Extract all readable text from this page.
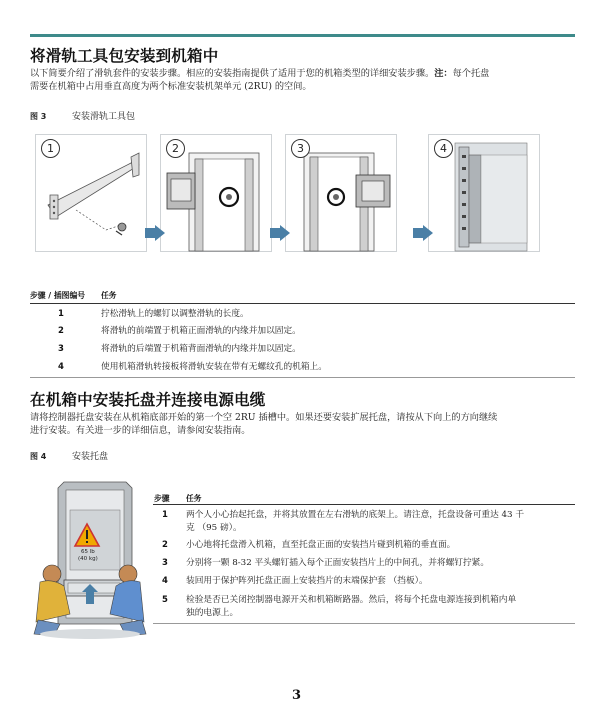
将滑轨工具包安装到机箱中
以下简要介绍了滑轨套件的安装步骤。相应的安装指南提供了适用于您的机箱类型的详细安装步骤。注：每个托盘
需要在机箱中占用垂直高度为两个标准安装机架单元 (2RU) 的空间。
图 3	安装滑轨工具包
1	2	3	4
步骤 / 插图编号 任务
1	拧松滑轨上的螺钉以调整滑轨的长度。
2	将滑轨的前端置于机箱正面滑轨的内缘并加以固定。
3	将滑轨的后端置于机箱背面滑轨的内缘并加以固定。
4	使用机箱滑轨转接板将滑轨安装在带有无螺纹孔的机箱上。
在机箱中安装托盘并连接电源电缆
请将控制器托盘安装在从机箱底部开始的第一个空 2RU 插槽中。如果还要安装扩展托盘，请按从下向上的方向继续
进行安装。有关进一步的详细信息，请参阅安装指南。
图 4	安装托盘
65 lb
(40 kg)
步骤 任务
1	两个人小心抬起托盘，并将其放置在左右滑轨的底架上。请注意，托盘设备可重达 43 千
克 （95 磅）。
2	小心地将托盘滑入机箱，直至托盘正面的安装挡片碰到机箱的垂直面。
3	分别将一颗 8-32 平头螺钉插入每个正面安装挡片上的中间孔，并将螺钉拧紧。
4	装回用于保护阵列托盘正面上安装挡片的末端保护套 （挡板）。
5	检验是否已关闭控制器电源开关和机箱断路器。然后，将每个托盘电源连接到机箱内单
独的电源上。
3
